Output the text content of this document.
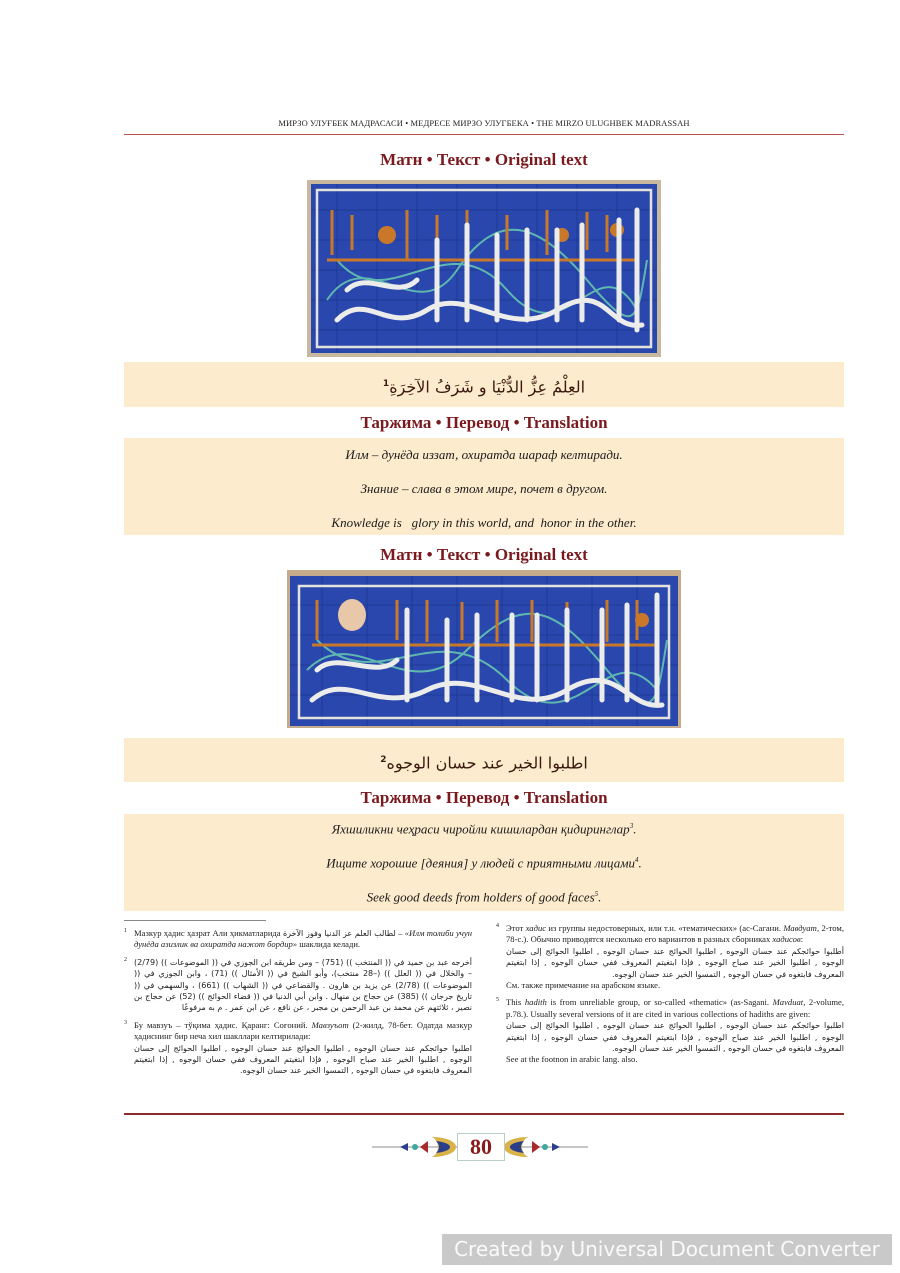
МИРЗО УЛУҒБЕК МАДРАСАСИ • МЕДРЕСЕ МИРЗО УЛУГБЕКА • THE MIRZO ULUGHBEK MADRASSAH
Матн • Текст • Original text
العِلْمُ عِزُّ الدُّنْيَا و شَرَفُ الآخِرَةِ$^1$
Таржима • Перевод • Translation
Илм – дунёда иззат, охиратда шараф келтиради.
Знание – слава в этом мире, почет в другом.
Knowledge is   glory in this world, and  honor in the other.
Матн • Текст • Original text
اطلبوا الخير عند حسان الوجوه$^2$
Таржима • Перевод • Translation
Яхшиликни чеҳраси чиройли кишилардан қидиринглар$^3$.
Ищите хорошие [деяния] у людей с приятными лицами$^4$.
Seek good deeds from holders of good faces$^5$.
1 Мазкур ҳадис ҳазрат Али ҳикматларида لطالب العلم عز الدنيا وفوز الآخرة – «Илм толиби учун дунёда азизлик ва охиратда нажот бордир» шаклида келади.
2 أخرجه عبد بن حميد في (( المنتخب )) (751) – ومن طريقه ابن الجوزي في (( الموضوعات )) (2/79) – والخلال في (( العلل )) (–28 منتخب)، وأبو الشيخ في (( الأمثال )) (71) ، وابن الجوزي في (( الموضوعات )) (2/78) عن يزيد بن هارون . والقضاعي في (( الشهاب )) (661) ، والسهمي في (( تاريخ جرجان )) (385) عن حجاج بن منهال . وابن أبي الدنيا في (( قضاء الحوائج )) (52) عن حجاج بن نصير ، ثلاثتهم عن محمد بن عبد الرحمن بن مجبر ، عن نافع ، عن ابن عمر . م به مرفوعًا
3 Бу мавзуъ – тўқима ҳадис. Қаранг: Соғоний. Мавзуъот (2-жилд, 78-бет. Одатда мазкур ҳадиснинг бир неча хил шакллари келтирилади:
اطلبوا حوائجكم عند حسان الوجوه , اطلبوا الحوائج عند حسان الوجوه , اطلبوا الحوائج إلى حسان الوجوه , اطلبوا الخير عند صباح الوجوه , فإذا ابتغيتم المعروف ففي حسان الوجوه , إذا ابتغيتم المعروف فابتغوه في حسان الوجوه , التمسوا الخير عند حسان الوجوه.
4 Этот хадис из группы недостоверных, или т.н. «тематических» (ас-Сагани. Мавдуат, 2-том, 78-с.). Обычно приводятся несколько его вариантов в разных сборниках хадисов:
أطلبوا حوائجكم عند حسان الوجوه , اطلبوا الحوائج عند حسان الوجوه , اطلبوا الحوائج إلى حسان الوجوه , اطلبوا الخير عند صباح الوجوه , فإذا ابتغيتم المعروف ففي حسان الوجوه , إذا ابتغيتم المعروف فابتغوه في حسان الوجوه , التمسوا الخير عند حسان الوجوه.
См. также примечание на арабском языке.
5 This hadith is from unreliable group, or so-called «thematic» (as-Sagani. Mavduat, 2-volume, p.78.). Usually several versions of it are cited in various collections of hadiths are given:
اطلبوا حوائجكم عند حسان الوجوه , اطلبوا الحوائج عند حسان الوجوه , اطلبوا الحوائج إلى حسان الوجوه , اطلبوا الخير عند صباح الوجوه , فإذا ابتغيتم المعروف ففي حسان الوجوه , إذا ابتغيتم المعروف فابتغوه في حسان الوجوه , التمسوا الخير عند حسان الوجوه.
See at the footnon in arabic lang. also.
80
Created by Universal Document Converter
